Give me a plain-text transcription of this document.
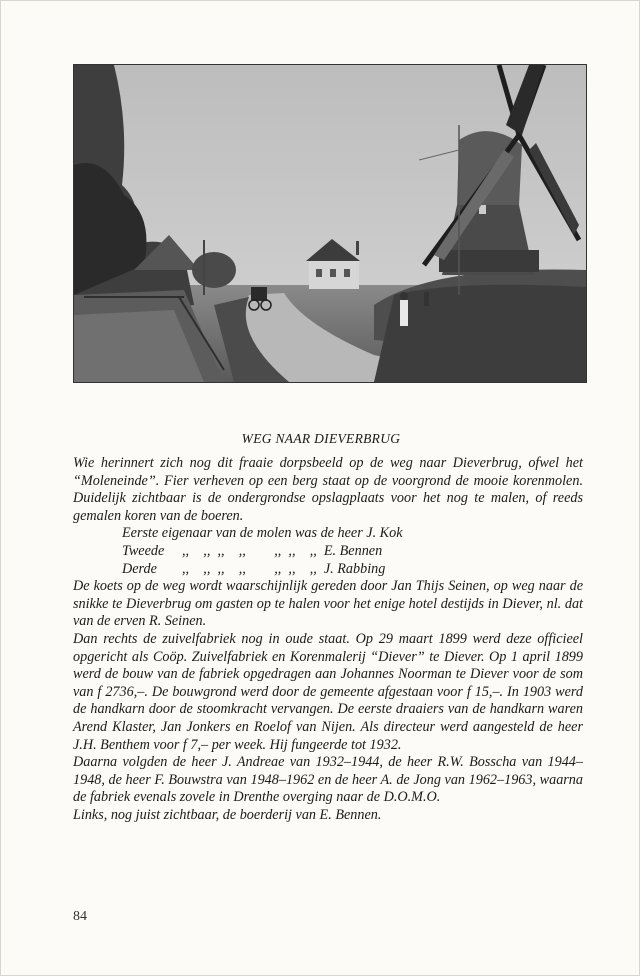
WEG NAAR DIEVERBRUG

Wie herinnert zich nog dit fraaie dorpsbeeld op de weg naar Dieverbrug, ofwel het “Moleneinde”. Fier verheven op een berg staat op de voorgrond de mooie korenmolen. Duidelijk zichtbaar is de ondergrondse opslagplaats voor het nog te malen, of reeds gemalen koren van de boeren.

Eerste eigenaar van de molen was de heer J. Kok
Tweede	,,    ,,  ,,    ,,        ,,  ,,    ,,  E. Bennen
Derde	,,    ,,  ,,    ,,        ,,  ,,    ,,  J. Rabbing

De koets op de weg wordt waarschijnlijk gereden door Jan Thijs Seinen, op weg naar de snikke te Dieverbrug om gasten op te halen voor het enige hotel destijds in Diever, nl. dat van de erven R. Seinen.

Dan rechts de zuivelfabriek nog in oude staat. Op 29 maart 1899 werd deze officieel opgericht als Coöp. Zuivelfabriek en Korenmalerij “Diever” te Diever. Op 1 april 1899 werd de bouw van de fabriek opgedragen aan Johannes Noorman te Diever voor de som van f 2736,–. De bouwgrond werd door de gemeente afgestaan voor f 15,–. In 1903 werd de handkarn door de stoomkracht vervangen. De eerste draaiers van de handkarn waren Arend Klaster, Jan Jonkers en Roelof van Nijen. Als directeur werd aangesteld de heer J.H. Benthem voor f 7,– per week. Hij fungeerde tot 1932.

Daarna volgden de heer J. Andreae van 1932–1944, de heer R.W. Bosscha van 1944–1948, de heer F. Bouwstra van 1948–1962 en de heer A. de Jong van 1962–1963, waarna de fabriek evenals zovele in Drenthe overging naar de D.O.M.O.

Links, nog juist zichtbaar, de boerderij van E. Bennen.

84
